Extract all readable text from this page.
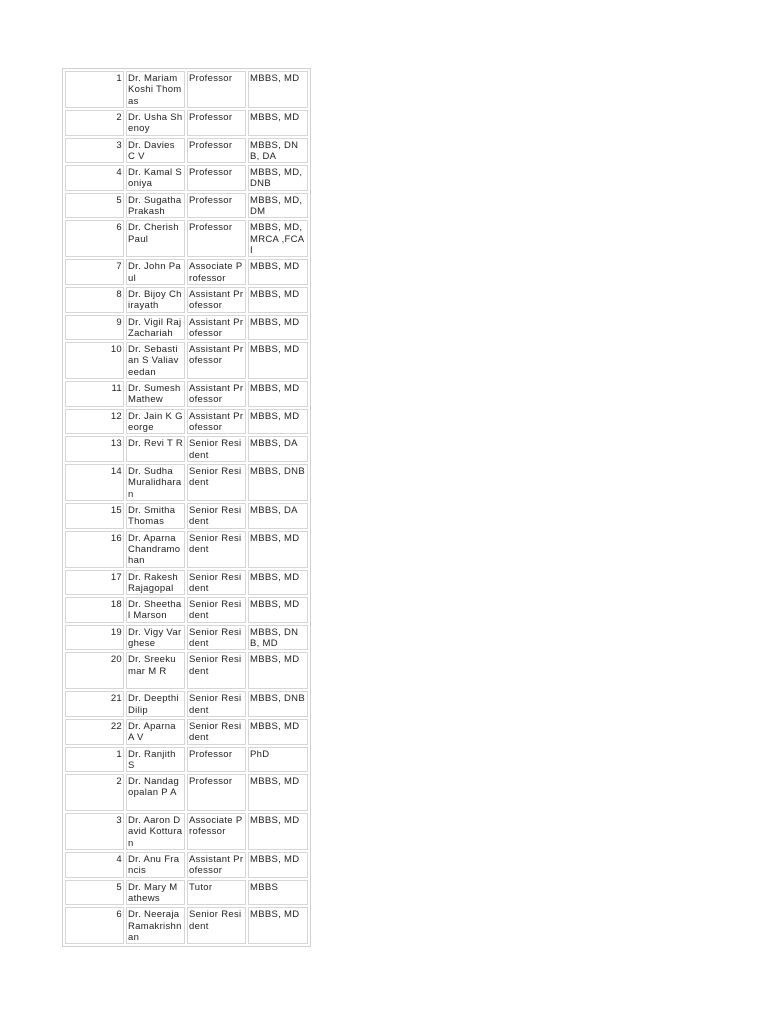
1	Dr. Mariam Koshi Thomas	Professor	MBBS, MD
2	Dr. Usha Shenoy	Professor	MBBS, MD
3	Dr. Davies C V	Professor	MBBS, DNB, DA
4	Dr. Kamal Soniya	Professor	MBBS, MD, DNB
5	Dr. Sugatha Prakash	Professor	MBBS, MD, DM
6	Dr. Cherish Paul	Professor	MBBS, MD, MRCA ,FCAI
7	Dr. John Paul	Associate Professor	MBBS, MD
8	Dr. Bijoy Chirayath	Assistant Professor	MBBS, MD
9	Dr. Vigil Raj Zachariah	Assistant Professor	MBBS, MD
10	Dr. Sebastian S Valiaveedan	Assistant Professor	MBBS, MD
11	Dr. Sumesh Mathew	Assistant Professor	MBBS, MD
12	Dr. Jain K George	Assistant Professor	MBBS, MD
13	Dr. Revi T R	Senior Resident	MBBS, DA
14	Dr. Sudha Muralidharan	Senior Resident	MBBS, DNB
15	Dr. Smitha Thomas	Senior Resident	MBBS, DA
16	Dr. Aparna Chandramohan	Senior Resident	MBBS, MD
17	Dr. Rakesh Rajagopal	Senior Resident	MBBS, MD
18	Dr. Sheethal Marson	Senior Resident	MBBS, MD
19	Dr. Vigy Varghese	Senior Resident	MBBS, DNB, MD
20	Dr. Sreekumar M R	Senior Resident	MBBS, MD
21	Dr. Deepthi Dilip	Senior Resident	MBBS, DNB
22	Dr. Aparna A V	Senior Resident	MBBS, MD
1	Dr. Ranjith S	Professor	PhD
2	Dr. Nandagopalan P A	Professor	MBBS, MD
3	Dr. Aaron David Kotturan	Associate Professor	MBBS, MD
4	Dr. Anu Francis	Assistant Professor	MBBS, MD
5	Dr. Mary Mathews	Tutor	MBBS
6	Dr. Neeraja Ramakrishnan	Senior Resident	MBBS, MD
